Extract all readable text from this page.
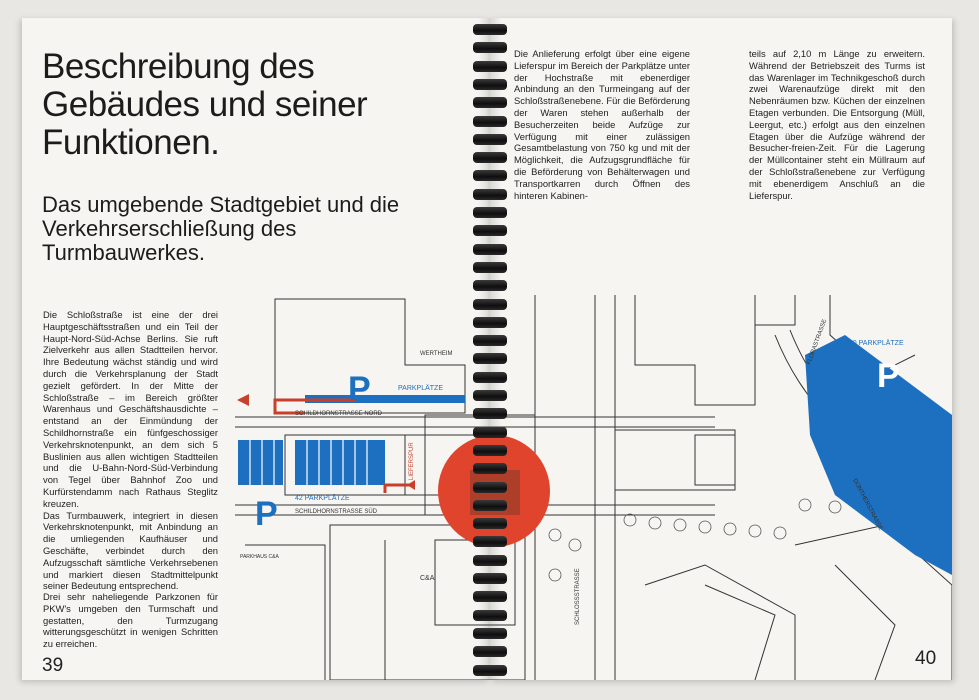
Beschreibung des Gebäudes und seiner Funktionen.
Das umgebende Stadtgebiet und die Verkehrserschließung des Turmbauwerkes.

Die Schloßstraße ist eine der drei Hauptgeschäftsstraßen und ein Teil der Haupt-Nord-Süd-Achse Berlins. Sie ruft Zielverkehr aus allen Stadtteilen hervor. Ihre Bedeutung wächst ständig und wird durch die Verkehrsplanung der Stadt gezielt gefördert. In der Mitte der Schloßstraße – im Bereich größter Warenhaus und Geschäftshausdichte – entstand an der Einmündung der Schildhornstraße ein fünfgeschossiger Verkehrsknotenpunkt, an dem sich 5 Buslinien aus allen wichtigen Stadtteilen und die U-Bahn-Nord-Süd-Verbindung von Tegel über Bahnhof Zoo und Kurfürstendamm nach Rathaus Steglitz kreuzen.

Das Turmbauwerk, integriert in diesen Verkehrsknotenpunkt, mit Anbindung an die umliegenden Kaufhäuser und Geschäfte, verbindet durch den Aufzugsschaft sämtliche Verkehrsebenen und markiert diesen Stadtmittelpunkt seiner Bedeutung entsprechend.

Drei sehr naheliegende Parkzonen für PKW's umgeben den Turmschaft und gestatten, den Turmzugang witterungsgeschützt in wenigen Schritten zu erreichen.

Die Anlieferung erfolgt über eine eigene Lieferspur im Bereich der Parkplätze unter der Hochstraße mit ebenerdiger Anbindung an den Turmeingang auf der Schloßstraßenebene. Für die Beförderung der Waren stehen außerhalb der Besucherzeiten beide Aufzüge zur Verfügung mit einer zulässigen Gesamtbelastung von 750 kg und mit der Möglichkeit, die Aufzugsgrundfläche für die Beförderung von Behälterwagen und Transportkarren durch Öffnen des hinteren Kabinen-

teils auf 2,10 m Länge zu erweitern. Während der Betriebszeit des Turms ist das Warenlager im Technikgeschoß durch zwei Warenaufzüge direkt mit den Nebenräumen bzw. Küchen der einzelnen Etagen verbunden. Die Entsorgung (Müll, Leergut, etc.) erfolgt aus den einzelnen Etagen über die Aufzüge während der Besucher-freien-Zeit. Für die Lagerung der Müllcontainer steht ein Müllraum auf der Schloßstraßenebene zur Verfügung mit ebenerdigem Anschluß an die Lieferspur.

39	40
P
P
P
WERTHEIM
PARKPLÄTZE
SCHILDHORNSTRASSE NORD
SCHILDHORNSTRASSE SÜD
42 PARKPLÄTZE
250 PARKPLÄTZE
PARKHAUS C&A
C&A
LIEFERSPUR
SCHLOSSSTRASSE
FLORASTRASSE
DÜNTHERSTRASSE
